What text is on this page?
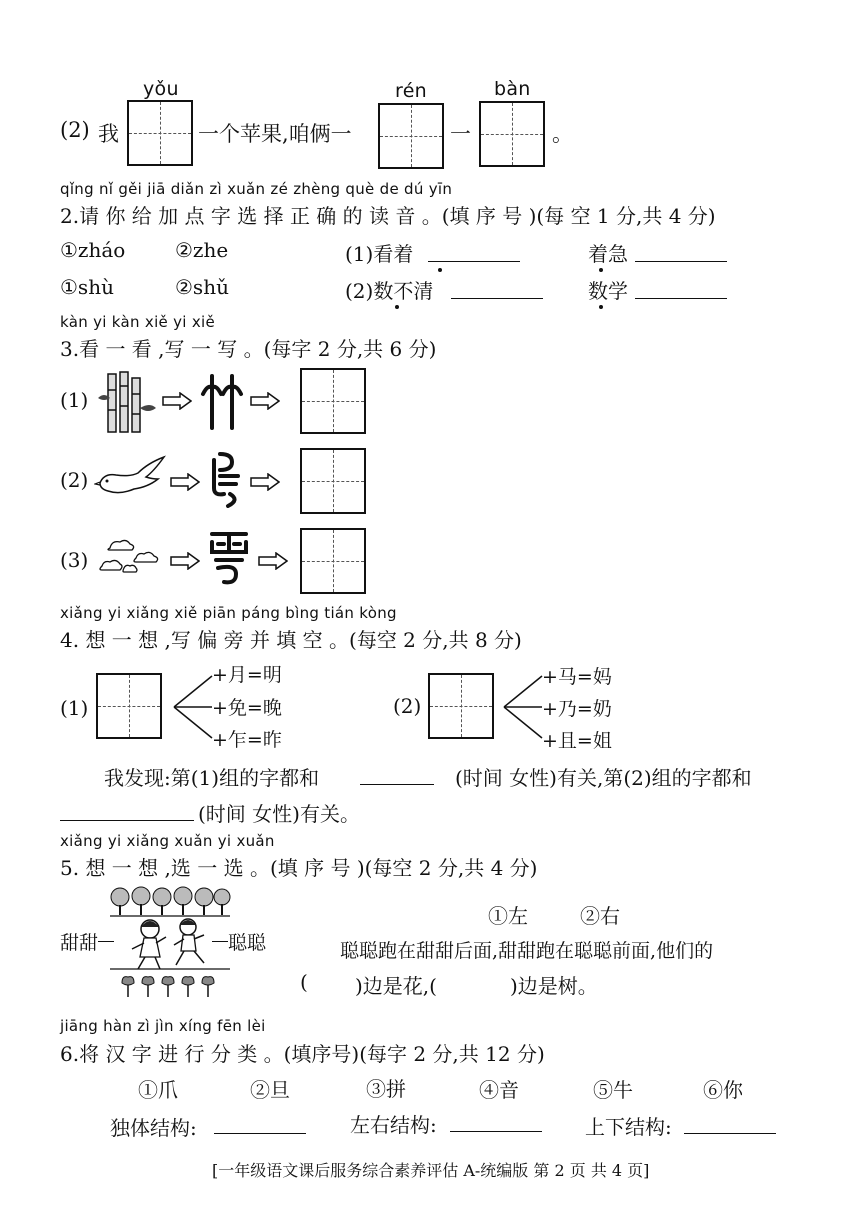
yǒu	rén	bàn
(2) 我	一个苹果,咱俩一	一	。
qǐng nǐ gěi jiā diǎn zì xuǎn zé zhèng què de dú yīn
2.请 你 给 加 点 字 选 择 正 确 的 读 音 。(填 序 号 )(每 空 1 分,共 4 分)
①zháo ②zhe	(1)看着	着急
①shù	②shǔ	(2)数不清	数学
kàn yi kàn xiě yi xiě
3.看 一 看 ,写 一 写 。(每字 2 分,共 6 分)
(1)
(2)
(3)
xiǎng yi xiǎng xiě piān páng bìng tián kòng
4. 想 一 想 ,写 偏 旁 并 填 空 。(每空 2 分,共 8 分)
(1)
+月=明
+免=晚
+乍=昨
(2)
+马=妈
+乃=奶
+且=姐
我发现:第(1)组的字都和	(时间 女性)有关,第(2)组的字都和
(时间 女性)有关。
xiǎng yi xiǎng xuǎn yi xuǎn
5. 想 一 想 ,选 一 选 。(填 序 号 )(每空 2 分,共 4 分)
甜甜	聪聪
①左	②右
聪聪跑在甜甜后面,甜甜跑在聪聪前面,他们的
( )边是花,(	)边是树。
jiāng hàn zì jìn xíng fēn lèi
6.将 汉 字 进 行 分 类 。(填序号)(每字 2 分,共 12 分)
①爪	②旦	③拼	④音	⑤牛	⑥你
独体结构:	左右结构:	上下结构:
[一年级语文课后服务综合素养评估 A-统编版 第 2 页 共 4 页]
